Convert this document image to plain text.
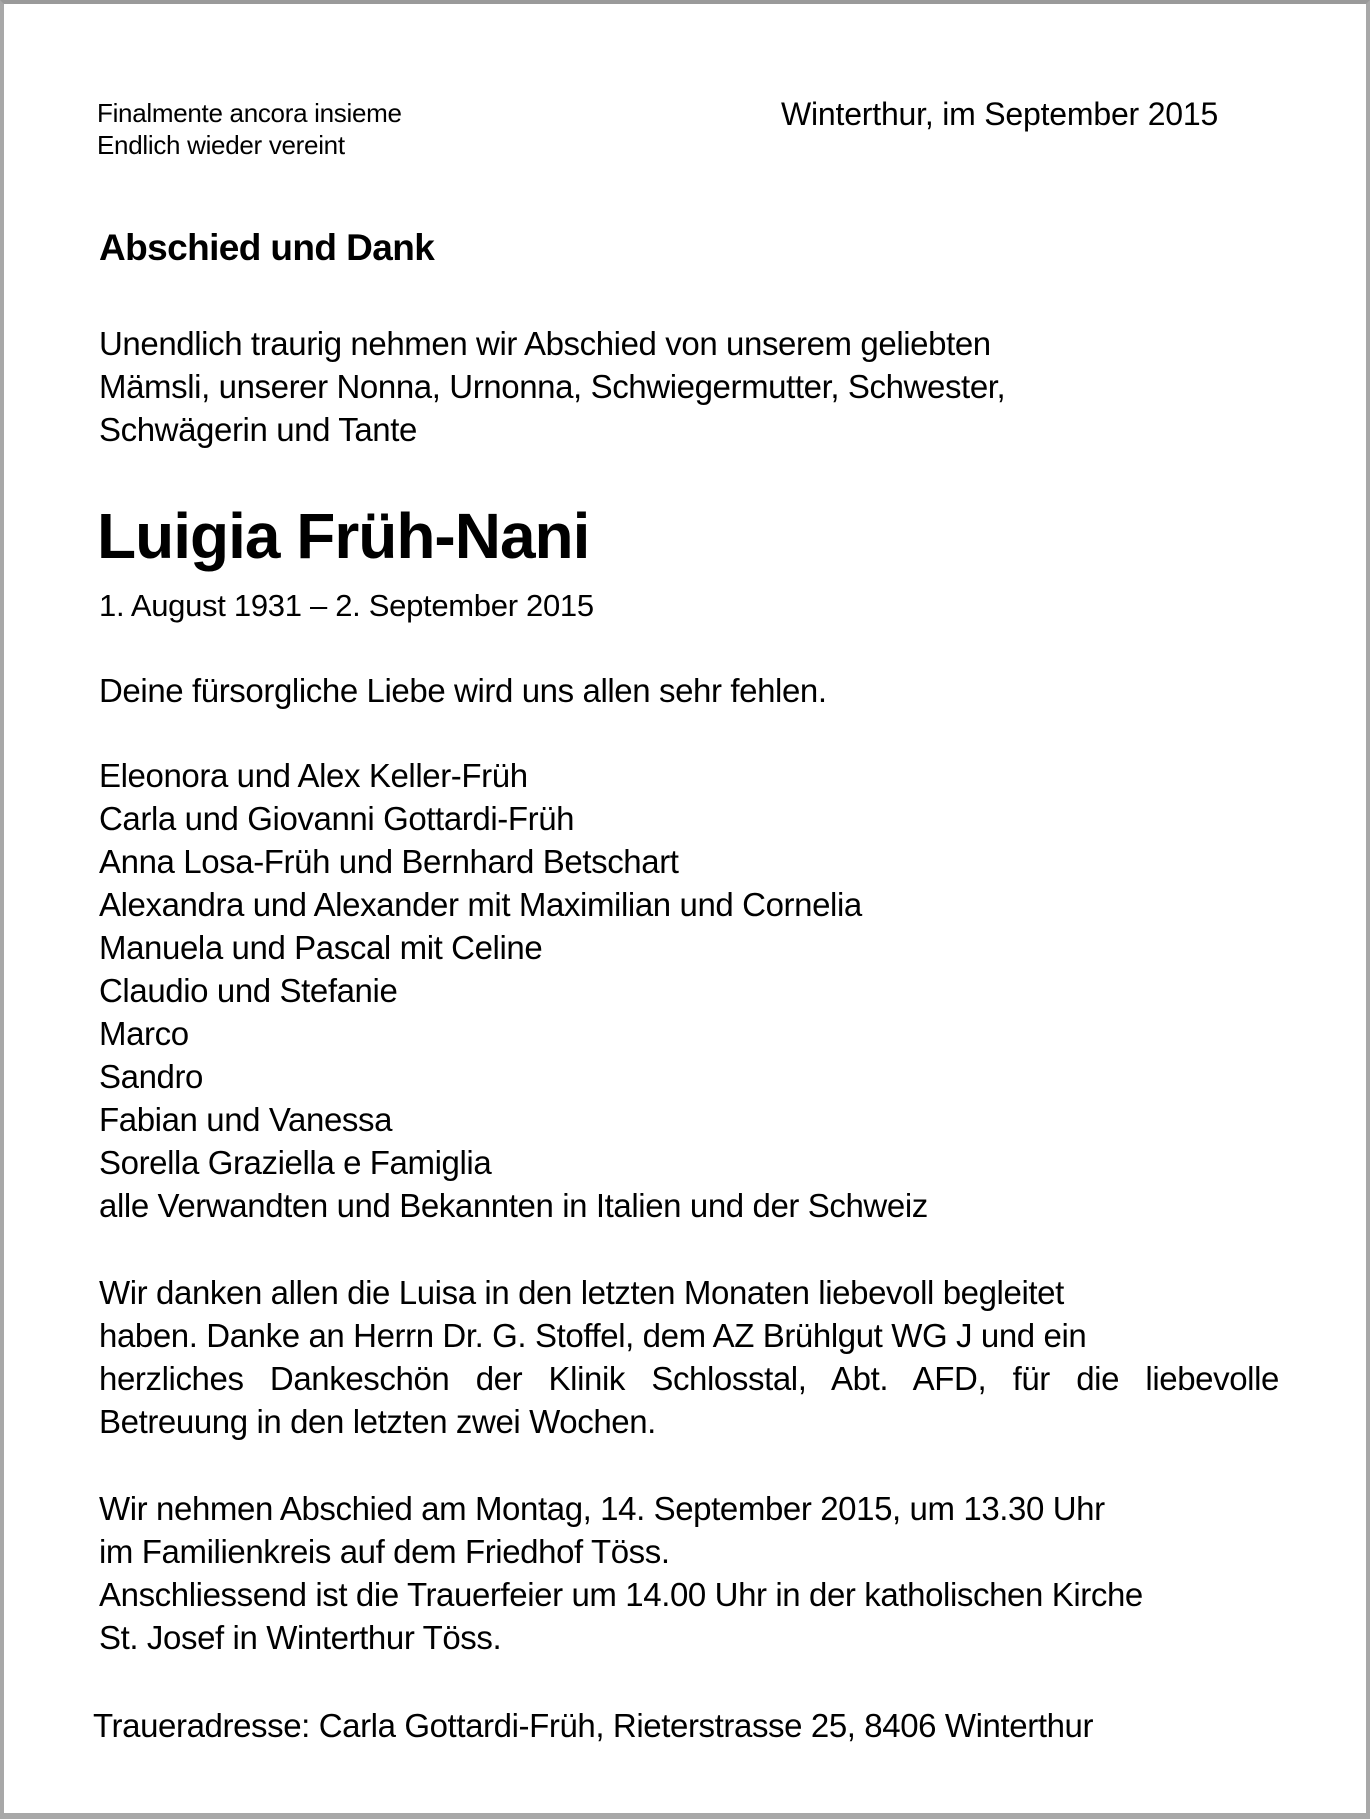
Finalmente ancora insieme
Endlich wieder vereint
Winterthur, im September 2015
Abschied und Dank
Unendlich traurig nehmen wir Abschied von unserem geliebten
Mämsli, unserer Nonna, Urnonna, Schwiegermutter, Schwester,
Schwägerin und Tante
Luigia Früh-Nani
1. August 1931 – 2. September 2015
Deine fürsorgliche Liebe wird uns allen sehr fehlen.
Eleonora und Alex Keller-Früh
Carla und Giovanni Gottardi-Früh
Anna Losa-Früh und Bernhard Betschart
Alexandra und Alexander mit Maximilian und Cornelia
Manuela und Pascal mit Celine
Claudio und Stefanie
Marco
Sandro
Fabian und Vanessa
Sorella Graziella e Famiglia
alle Verwandten und Bekannten in Italien und der Schweiz
Wir danken allen die Luisa in den letzten Monaten liebevoll begleitet
haben. Danke an Herrn Dr. G. Stoffel, dem AZ Brühlgut WG J und ein
herzliches Dankeschön der Klinik Schlosstal, Abt. AFD, für die liebevolle
Betreuung in den letzten zwei Wochen.
Wir nehmen Abschied am Montag, 14. September 2015, um 13.30 Uhr
im Familienkreis auf dem Friedhof Töss.
Anschliessend ist die Trauerfeier um 14.00 Uhr in der katholischen Kirche
St. Josef in Winterthur Töss.
Traueradresse: Carla Gottardi-Früh, Rieterstrasse 25, 8406 Winterthur
